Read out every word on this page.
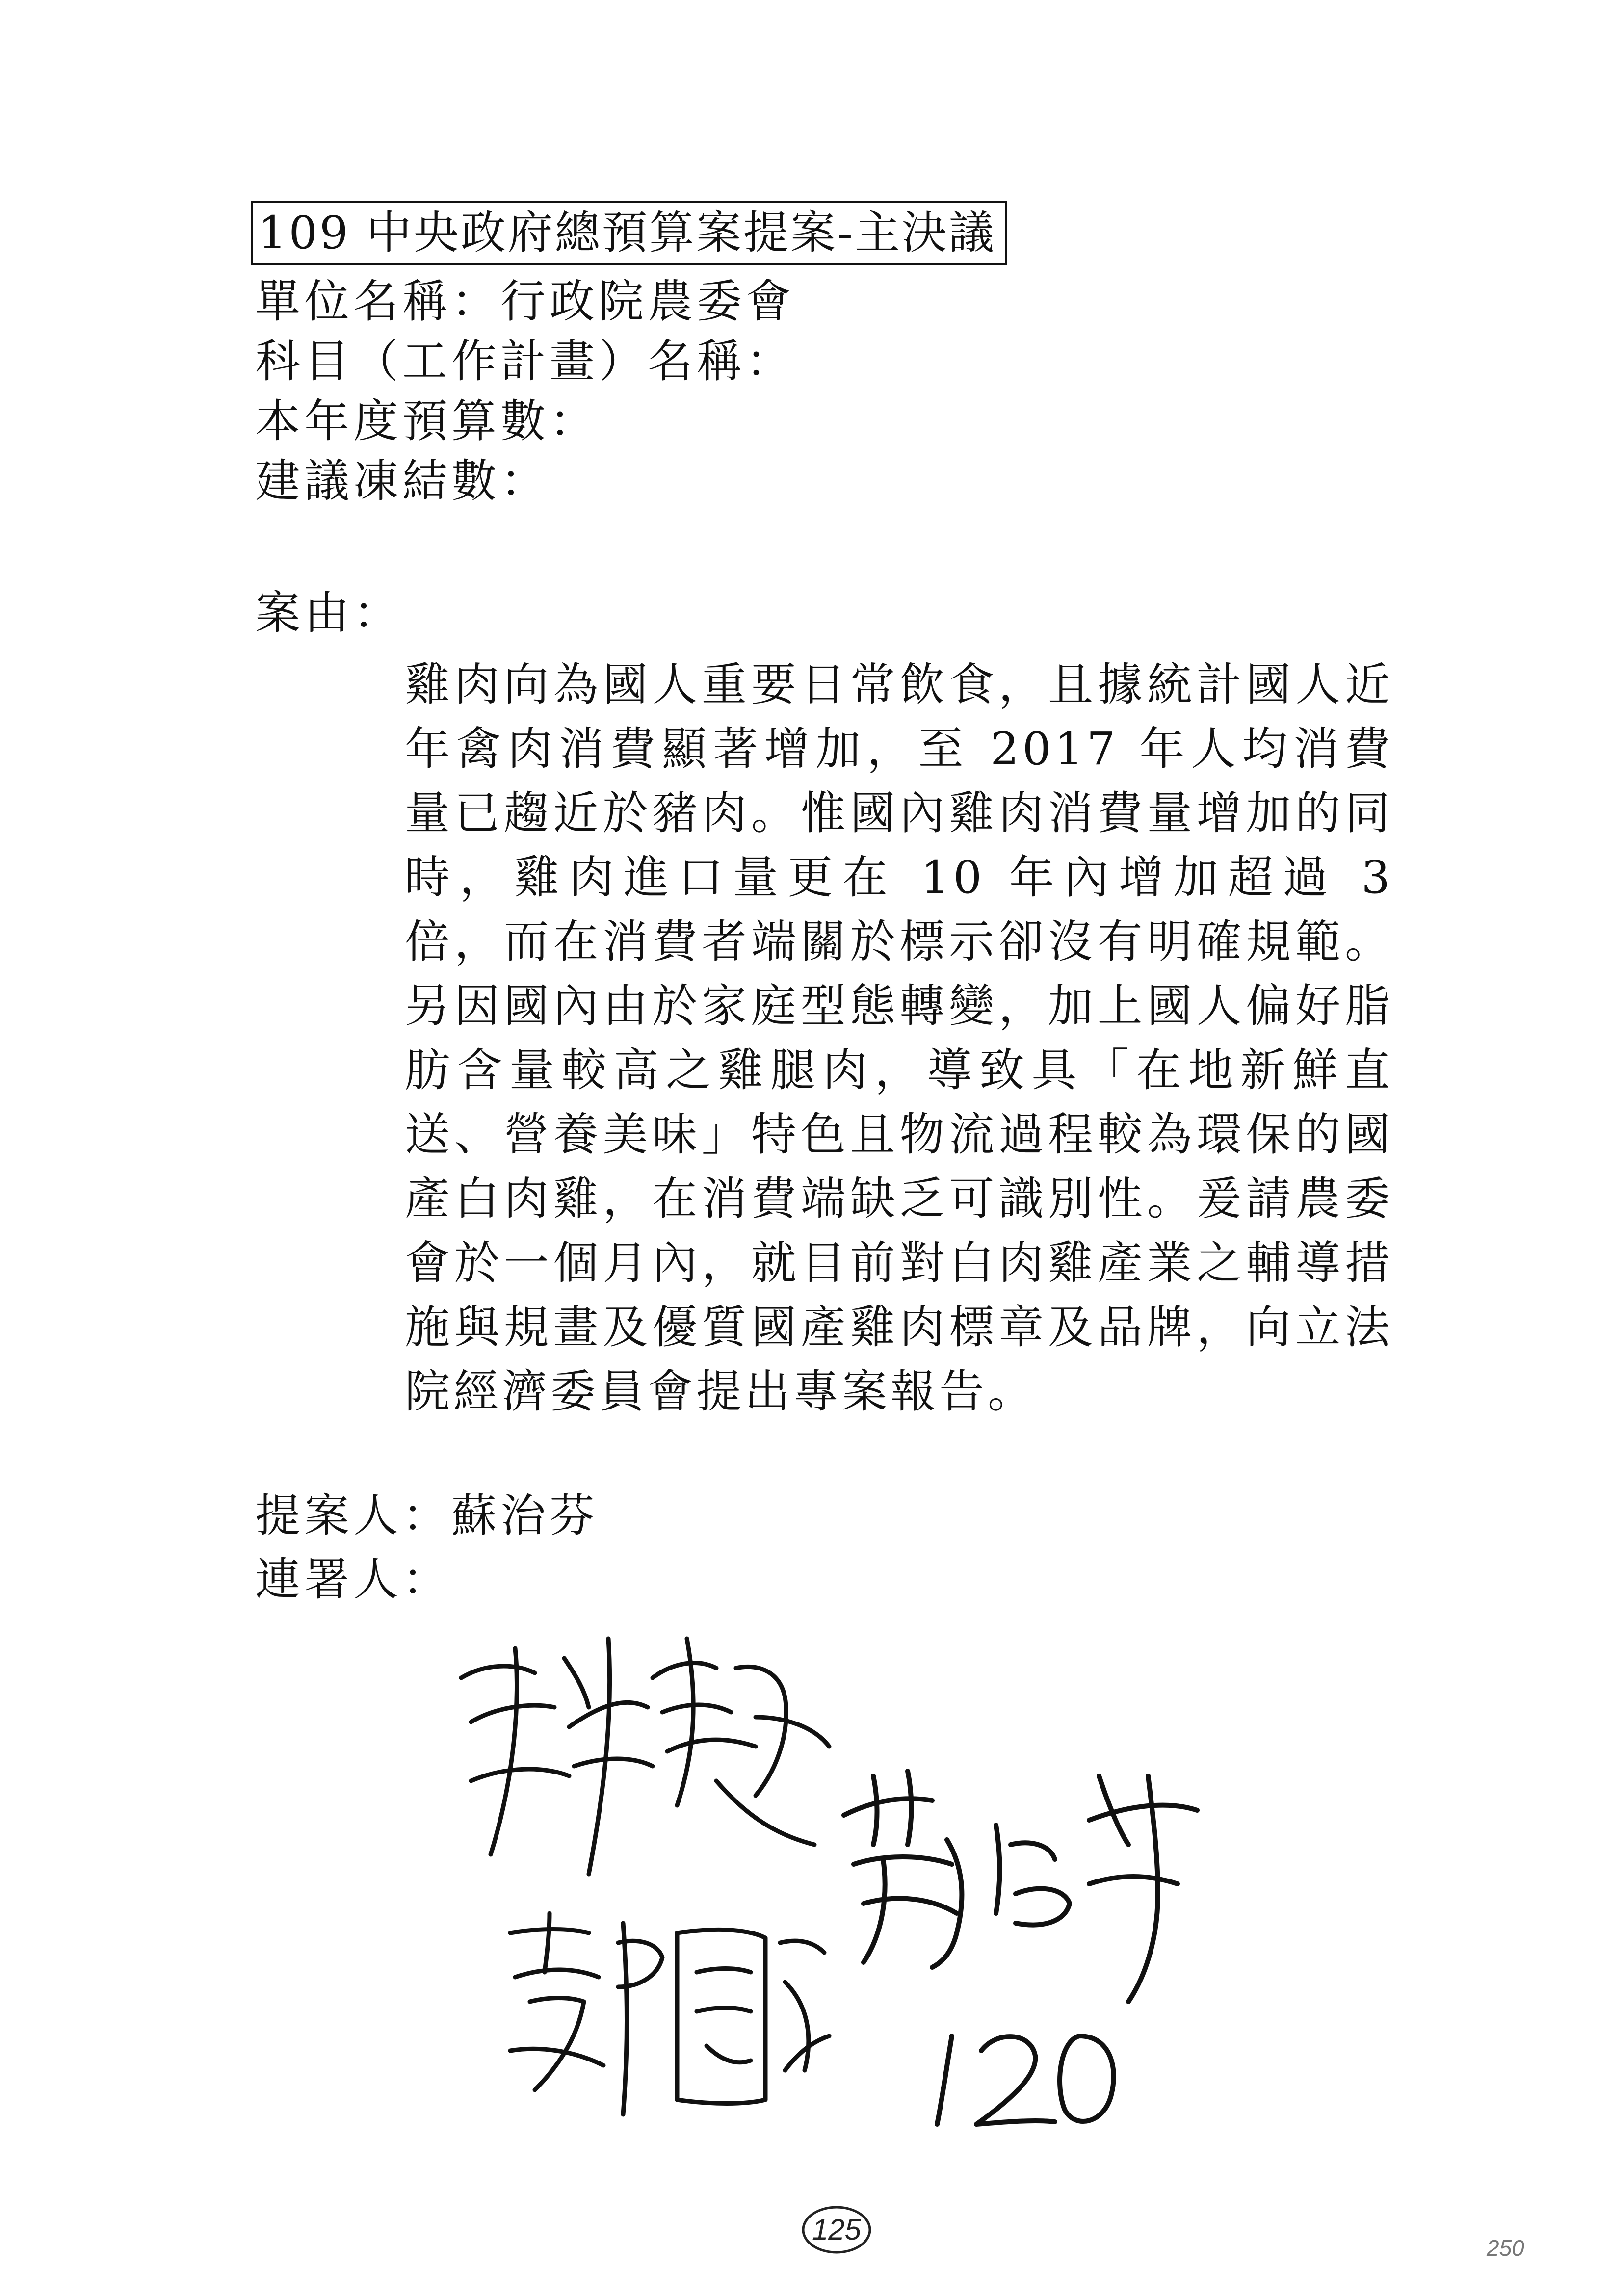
109 中央政府總預算案提案-主決議
單位名稱：行政院農委會
科目（工作計畫）名稱：
本年度預算數：
建議凍結數：
案由：
雞肉向為國人重要日常飲食，且據統計國人近年禽肉消費顯著增加，至 2017 年人均消費量已趨近於豬肉。惟國內雞肉消費量增加的同時，雞肉進口量更在 10 年內增加超過 3 倍，而在消費者端關於標示卻沒有明確規範。另因國內由於家庭型態轉變，加上國人偏好脂肪含量較高之雞腿肉，導致具「在地新鮮直送、營養美味」特色且物流過程較為環保的國產白肉雞，在消費端缺乏可識別性。爰請農委會於一個月內，就目前對白肉雞產業之輔導措施與規畫及優質國產雞肉標章及品牌，向立法院經濟委員會提出專案報告。
提案人：蘇治芬
連署人：
125
250
